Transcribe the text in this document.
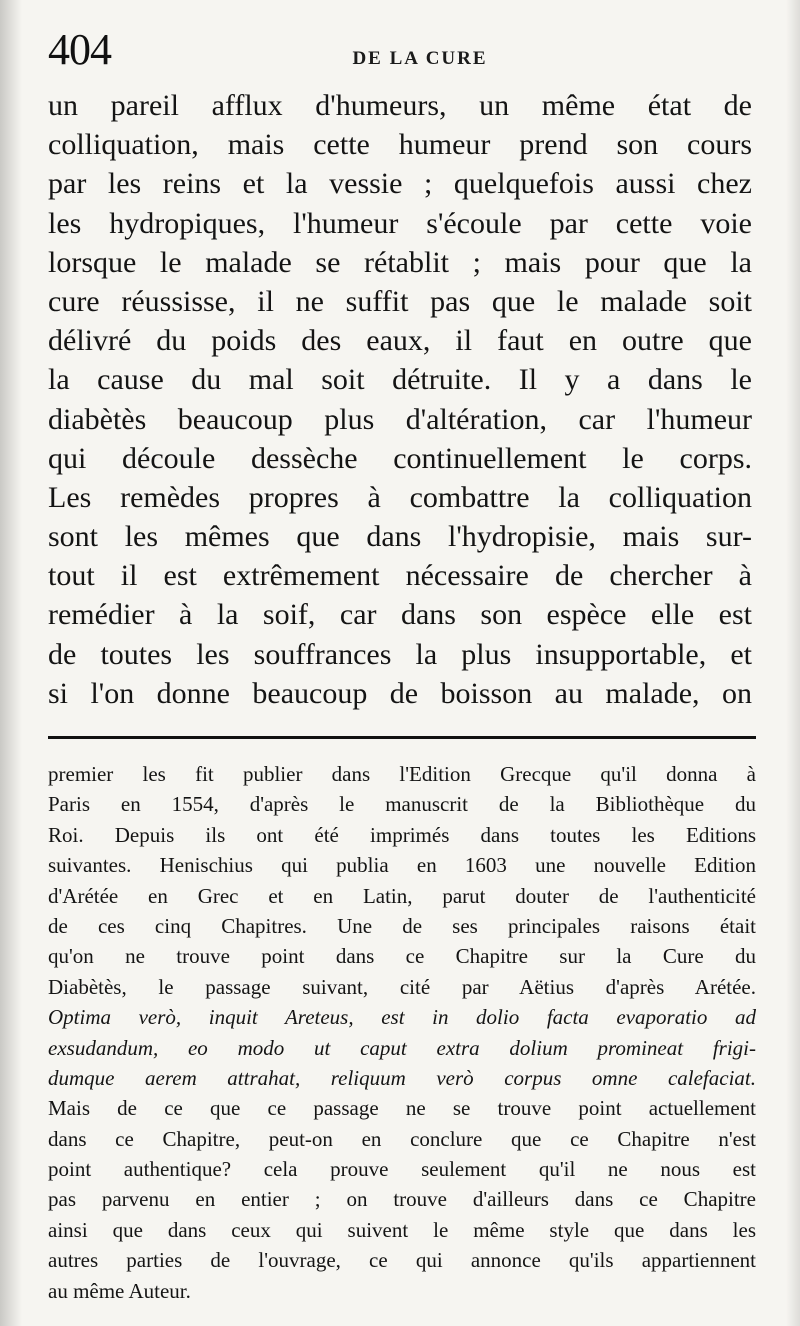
404	DE LA CURE
un pareil afflux d'humeurs, un même état de
colliquation, mais cette humeur prend son cours
par les reins et la vessie ; quelquefois aussi chez
les hydropiques, l'humeur s'écoule par cette voie
lorsque le malade se rétablit ; mais pour que la
cure réussisse, il ne suffit pas que le malade soit
délivré du poids des eaux, il faut en outre que
la cause du mal soit détruite. Il y a dans le
diabètès beaucoup plus d'altération, car l'humeur
qui découle dessèche continuellement le corps.
Les remèdes propres à combattre la colliquation
sont les mêmes que dans l'hydropisie, mais sur-
tout il est extrêmement nécessaire de chercher à
remédier à la soif, car dans son espèce elle est
de toutes les souffrances la plus insupportable, et
si l'on donne beaucoup de boisson au malade, on
premier les fit publier dans l'Edition Grecque qu'il donna à
Paris en 1554, d'après le manuscrit de la Bibliothèque du
Roi. Depuis ils ont été imprimés dans toutes les Editions
suivantes. Henischius qui publia en 1603 une nouvelle Edition
d'Arétée en Grec et en Latin, parut douter de l'authenticité
de ces cinq Chapitres. Une de ses principales raisons était
qu'on ne trouve point dans ce Chapitre sur la Cure du
Diabètès, le passage suivant, cité par Aëtius d'après Arétée.
Optima verò, inquit Areteus, est in dolio facta evaporatio ad
exsudandum, eo modo ut caput extra dolium promineat frigi-
dumque aerem attrahat, reliquum verò corpus omne calefaciat.
Mais de ce que ce passage ne se trouve point actuellement
dans ce Chapitre, peut-on en conclure que ce Chapitre n'est
point authentique? cela prouve seulement qu'il ne nous est
pas parvenu en entier ; on trouve d'ailleurs dans ce Chapitre
ainsi que dans ceux qui suivent le même style que dans les
autres parties de l'ouvrage, ce qui annonce qu'ils appartiennent
au même Auteur.
